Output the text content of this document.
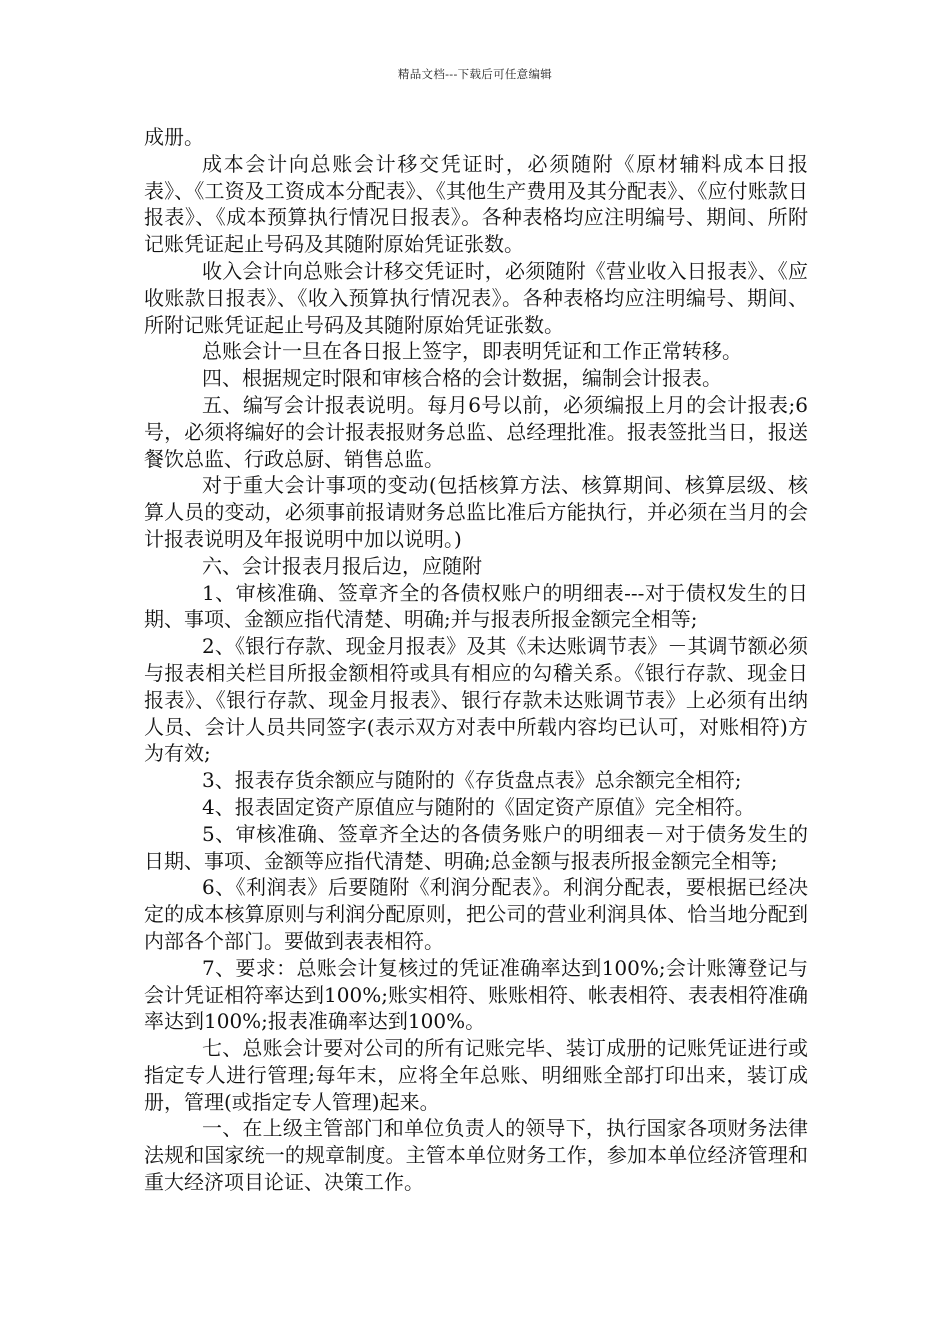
精品文档---下载后可任意编辑

成册。

成本会计向总账会计移交凭证时，必须随附《原材辅料成本日报表》、《工资及工资成本分配表》、《其他生产费用及其分配表》、《应付账款日报表》、《成本预算执行情况日报表》。各种表格均应注明编号、期间、所附记账凭证起止号码及其随附原始凭证张数。

收入会计向总账会计移交凭证时，必须随附《营业收入日报表》、《应收账款日报表》、《收入预算执行情况表》。各种表格均应注明编号、期间、所附记账凭证起止号码及其随附原始凭证张数。

总账会计一旦在各日报上签字，即表明凭证和工作正常转移。

四、根据规定时限和审核合格的会计数据，编制会计报表。

五、编写会计报表说明。每月6号以前，必须编报上月的会计报表;6号，必须将编好的会计报表报财务总监、总经理批准。报表签批当日，报送餐饮总监、行政总厨、销售总监。

对于重大会计事项的变动(包括核算方法、核算期间、核算层级、核算人员的变动，必须事前报请财务总监比准后方能执行，并必须在当月的会计报表说明及年报说明中加以说明。)

六、会计报表月报后边，应随附

1、审核准确、签章齐全的各债权账户的明细表---对于债权发生的日期、事项、金额应指代清楚、明确;并与报表所报金额完全相等;

2、《银行存款、现金月报表》及其《未达账调节表》－其调节额必须与报表相关栏目所报金额相符或具有相应的勾稽关系。《银行存款、现金日报表》、《银行存款、现金月报表》、银行存款未达账调节表》上必须有出纳人员、会计人员共同签字(表示双方对表中所载内容均已认可，对账相符)方为有效;

3、报表存货余额应与随附的《存货盘点表》总余额完全相符;

4、报表固定资产原值应与随附的《固定资产原值》完全相符。

5、审核准确、签章齐全达的各债务账户的明细表－对于债务发生的日期、事项、金额等应指代清楚、明确;总金额与报表所报金额完全相等;

6、《利润表》后要随附《利润分配表》。利润分配表，要根据已经决定的成本核算原则与利润分配原则，把公司的营业利润具体、恰当地分配到内部各个部门。要做到表表相符。

7、要求：总账会计复核过的凭证准确率达到100%;会计账簿登记与会计凭证相符率达到100%;账实相符、账账相符、帐表相符、表表相符准确率达到100%;报表准确率达到100%。

七、总账会计要对公司的所有记账完毕、装订成册的记账凭证进行或指定专人进行管理;每年末，应将全年总账、明细账全部打印出来，装订成册，管理(或指定专人管理)起来。

一、在上级主管部门和单位负责人的领导下，执行国家各项财务法律法规和国家统一的规章制度。主管本单位财务工作，参加本单位经济管理和重大经济项目论证、决策工作。
